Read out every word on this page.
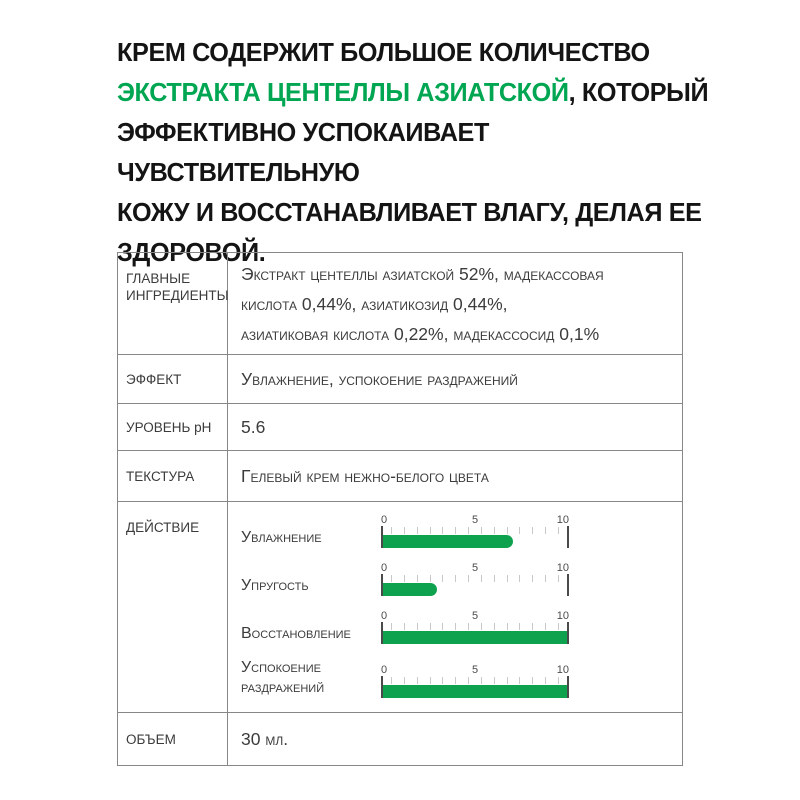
КРЕМ СОДЕРЖИТ БОЛЬШОЕ КОЛИЧЕСТВО
ЭКСТРАКТА ЦЕНТЕЛЛЫ АЗИАТСКОЙ, КОТОРЫЙ
ЭФФЕКТИВНО УСПОКАИВАЕТ ЧУВСТВИТЕЛЬНУЮ
КОЖУ И ВОССТАНАВЛИВАЕТ ВЛАГУ, ДЕЛАЯ ЕЕ
ЗДОРОВОЙ.
ГЛАВНЫЕ ИНГРЕДИЕНТЫ	Экстракт центеллы азиатской 52%, мадекассовая
кислота 0,44%, азиатикозид 0,44%,
азиатиковая кислота 0,22%, мадекассосид 0,1%

ЭФФЕКТ	Увлажнение, успокоение раздражений
УРОВЕНЬ pH	5.6
ТЕКСТУРА	Гелевый крем нежно-белого цвета
ДЕЙСТВИЕ	
Увлажнение
0	5	10
Упругость
0	5	10
Восстановление
0	5	10
Успокоение раздражений
0	5	10

ОБЪЕМ	30 мл.
